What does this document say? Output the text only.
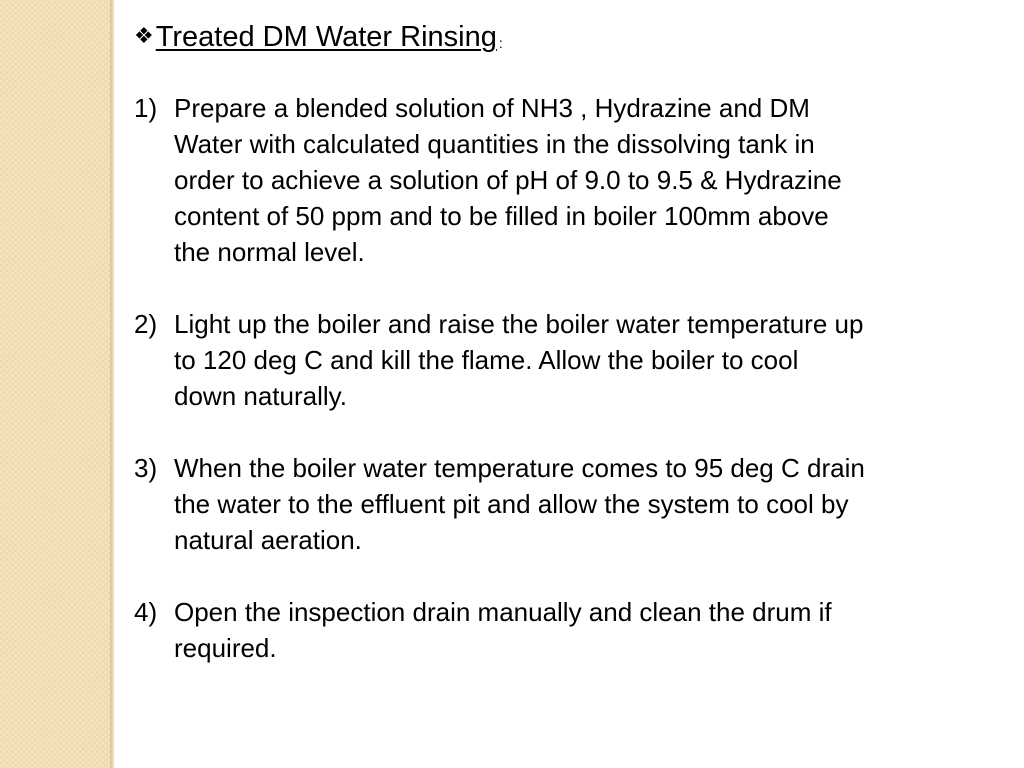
❖Treated DM Water Rinsing :
1) Prepare a blended solution of NH3 , Hydrazine and DM
Water with calculated quantities in the dissolving tank in
order to achieve a solution of pH of 9.0 to 9.5 & Hydrazine
content of 50 ppm and to be filled in boiler 100mm above
the normal level.
2) Light up the boiler and raise the boiler water temperature up
to 120 deg C and kill the flame. Allow the boiler to cool
down naturally.
3) When the boiler water temperature comes to 95 deg C drain
the water to the effluent pit and allow the system to cool by
natural aeration.
4) Open the inspection drain manually and clean the drum if
required.
